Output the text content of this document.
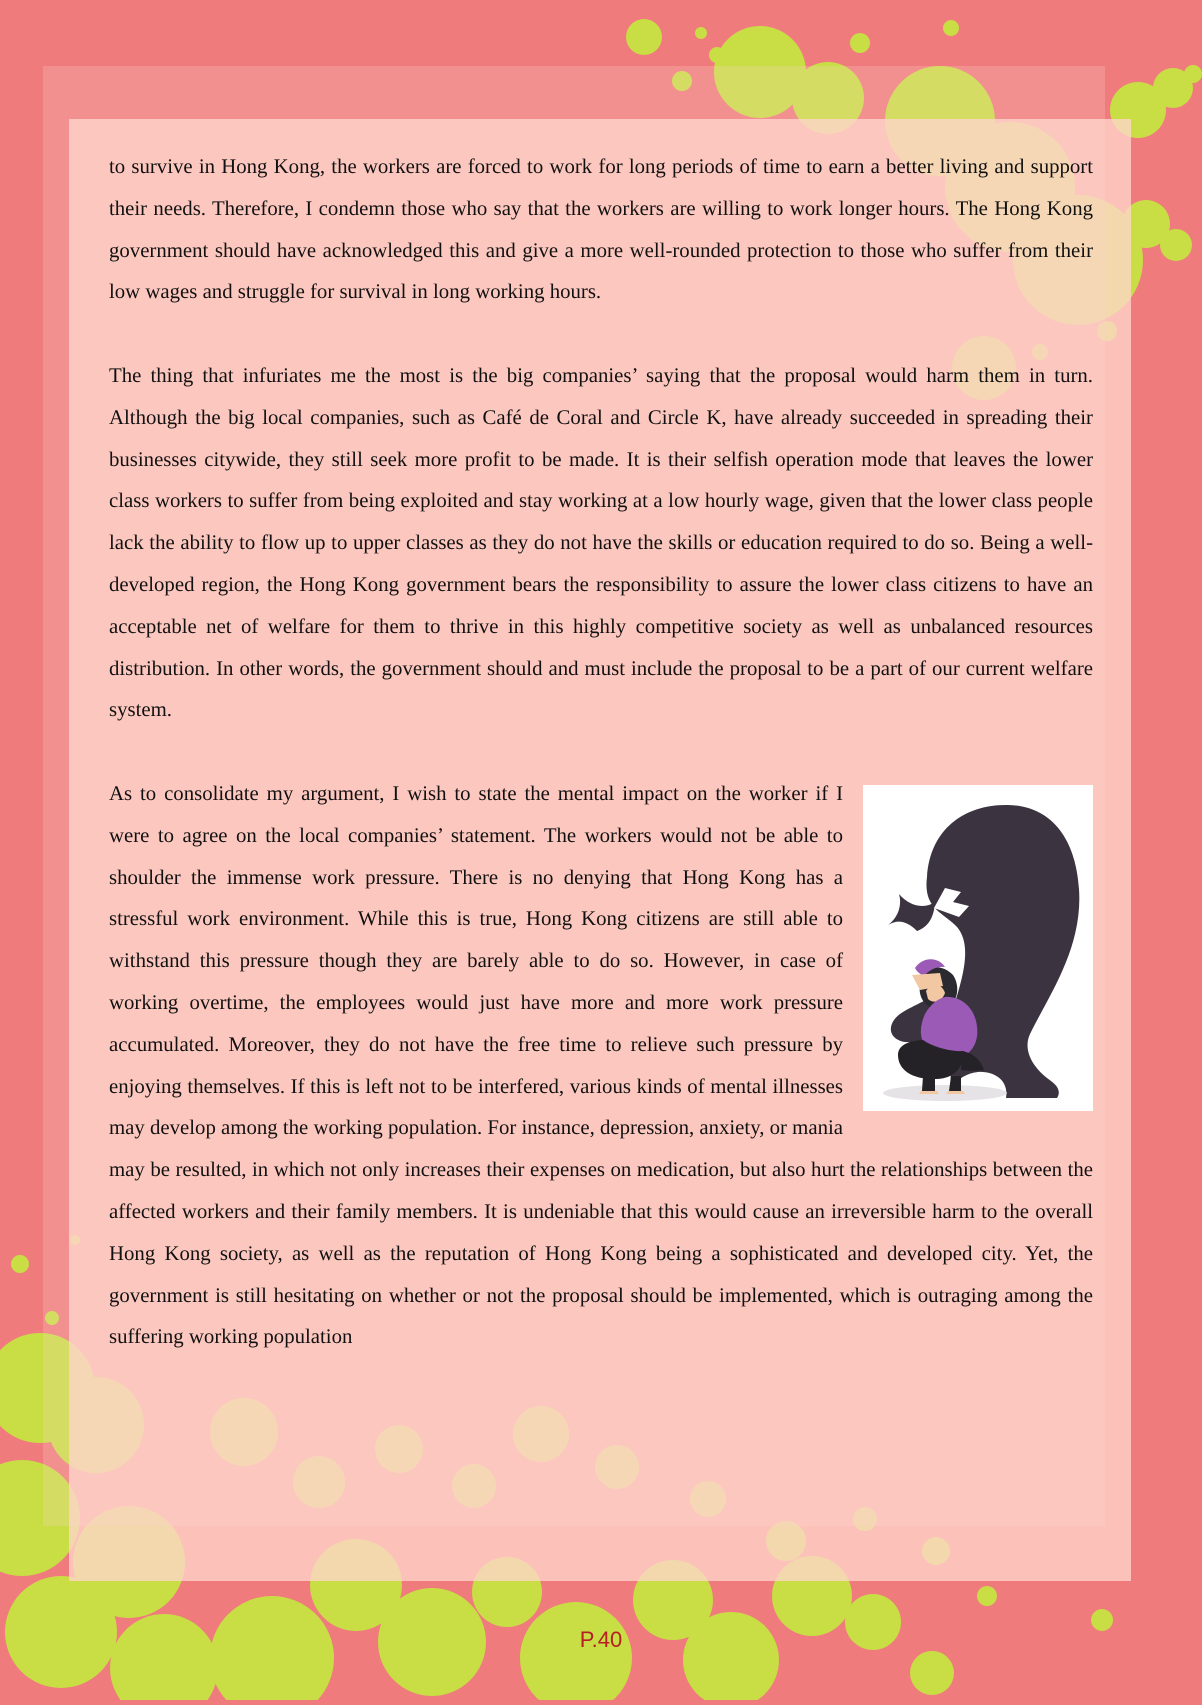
to survive in Hong Kong, the workers are forced to work for long periods of time to earn a better living and support their needs. Therefore, I condemn those who say that the workers are willing to work longer hours. The Hong Kong government should have acknowledged this and give a more well-rounded protection to those who suffer from their low wages and struggle for survival in long working hours.

The thing that infuriates me the most is the big companies’ saying that the proposal would harm them in turn. Although the big local companies, such as Café de Coral and Circle K, have already succeeded in spreading their businesses citywide, they still seek more profit to be made. It is their selfish operation mode that leaves the lower class workers to suffer from being exploited and stay working at a low hourly wage, given that the lower class people lack the ability to flow up to upper classes as they do not have the skills or education required to do so. Being a well-developed region, the Hong Kong government bears the responsibility to assure the lower class citizens to have an acceptable net of welfare for them to thrive in this highly competitive society as well as unbalanced resources distribution. In other words, the government should and must include the proposal to be a part of our current welfare system.

As to consolidate my argument, I wish to state the mental impact on the worker if I were to agree on the local companies’ statement. The workers would not be able to shoulder the immense work pressure. There is no denying that Hong Kong has a stressful work environment. While this is true, Hong Kong citizens are still able to withstand this pressure though they are barely able to do so. However, in case of working overtime, the employees would just have more and more work pressure accumulated. Moreover, they do not have the free time to relieve such pressure by enjoying themselves. If this is left not to be interfered, various kinds of mental illnesses may develop among the working population. For instance, depression, anxiety, or mania may be resulted, in which not only increases their expenses on medication, but also hurt the relationships between the affected workers and their family members. It is undeniable that this would cause an irreversible harm to the overall Hong Kong society, as well as the reputation of Hong Kong being a sophisticated and developed city. Yet, the government is still hesitating on whether or not the proposal should be implemented, which is outraging among the suffering working population

P.40
